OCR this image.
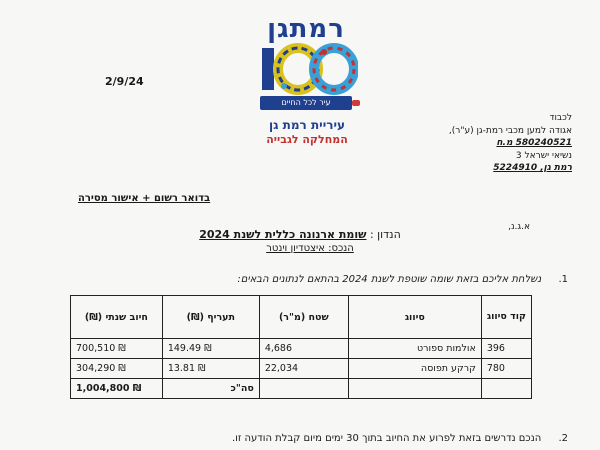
רמתגן
עיר לכל החיים
עיריית רמת גן
המחלקה לגבייה
2/9/24
לכבוד
אגודה למען מכבי רמת-גן (ע"ר),
580240521 מ.ח
נשיאי ישראל 3
רמת גן, 5224910
בדואר רשום + אישור מסירה
א.ג.נ,
הנדון : שומת ארנונה כללית לשנת 2024
הנכס: איצטדיון וינטר
1. נשלחת אליכם בזאת שומה שוטפת לשנת 2024 בהתאם לנתונים הבאים:
קוד סיווג	סיווג	שטח (מ"ר)	תעריף (₪)	חיוב שנתי (₪)
396	אולמות ספורט	4,686	149.49 ₪	700,510 ₪
780	קרקע תפוסה	22,034	13.81 ₪	304,290 ₪
			סה"כ	1,004,800 ₪
2. הנכם נדרשים בזאת לפרוע את החיוב בתוך 30 ימים מיום קבלת הודעה זו.
